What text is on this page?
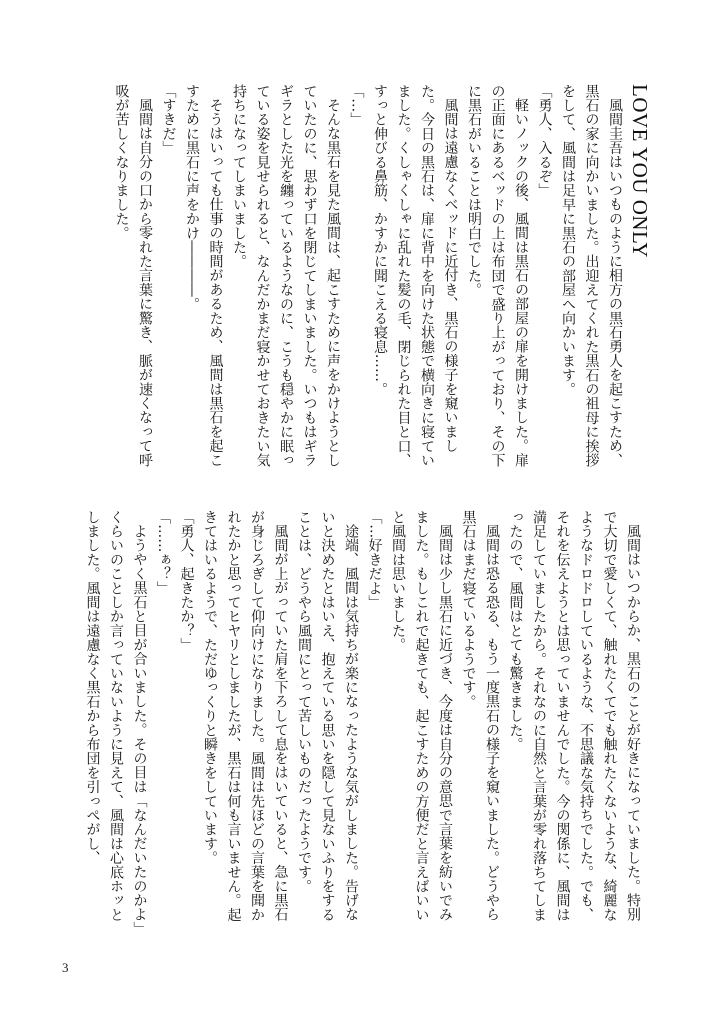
LOVE YOU ONLY

風間圭吾はいつものように相方の黒石勇人を起こすため、黒石の家に向かいました。出迎えてくれた黒石の祖母に挨拶をして、風間は足早に黒石の部屋へ向かいます。

「勇人、入るぞ」

軽いノックの後、風間は黒石の部屋の扉を開けました。扉の正面にあるベッドの上は布団で盛り上がっており、その下に黒石がいることは明白でした。

風間は遠慮なくベッドに近付き、黒石の様子を窺いました。今日の黒石は、扉に背中を向けた状態で横向きに寝ていました。くしゃくしゃに乱れた髪の毛、閉じられた目と口、すっと伸びる鼻筋、かすかに聞こえる寝息……。

「…」

そんな黒石を見た風間は、起こすために声をかけようとしていたのに、思わず口を閉じてしまいました。いつもはギラギラとした光を纏っているようなのに、こうも穏やかに眠っている姿を見せられると、なんだかまだ寝かせておきたい気持ちになってしまいました。

そうはいっても仕事の時間があるため、風間は黒石を起こすために黒石に声をかけ――――。

「すきだ」

風間は自分の口から零れた言葉に驚き、脈が速くなって呼吸が苦しくなりました。

風間はいつからか、黒石のことが好きになっていました。特別で大切で愛しくて、触れたくてでも触れたくないような、綺麗なようなドロドロしているような、不思議な気持ちでした。でも、それを伝えようとは思っていませんでした。今の関係に、風間は満足していましたから。それなのに自然と言葉が零れ落ちてしまったので、風間はとても驚きました。

風間は恐る恐る、もう一度黒石の様子を窺いました。どうやら黒石はまだ寝ているようです。

風間は少し黒石に近づき、今度は自分の意思で言葉を紡いでみました。もしこれで起きても、起こすための方便だと言えばいいと風間は思いました。

「…好きだよ」

途端、風間は気持ちが楽になったような気がしました。告げないと決めたとはいえ、抱えている思いを隠して見ないふりをすることは、どうやら風間にとって苦しいものだったようです。

風間が上がっていた肩を下ろして息をはいていると、急に黒石が身じろぎして仰向けになりました。風間は先ほどの言葉を聞かれたかと思ってヒヤリとしましたが、黒石は何も言いません。起きてはいるようで、ただゆっくりと瞬きをしています。

「勇人、起きたか？」

「……ぁ？」

ようやく黒石と目が合いました。その目は「なんだいたのかよ」くらいのことしか言っていないように見えて、風間は心底ホッとしました。風間は遠慮なく黒石から布団を引っぺがし、

3
